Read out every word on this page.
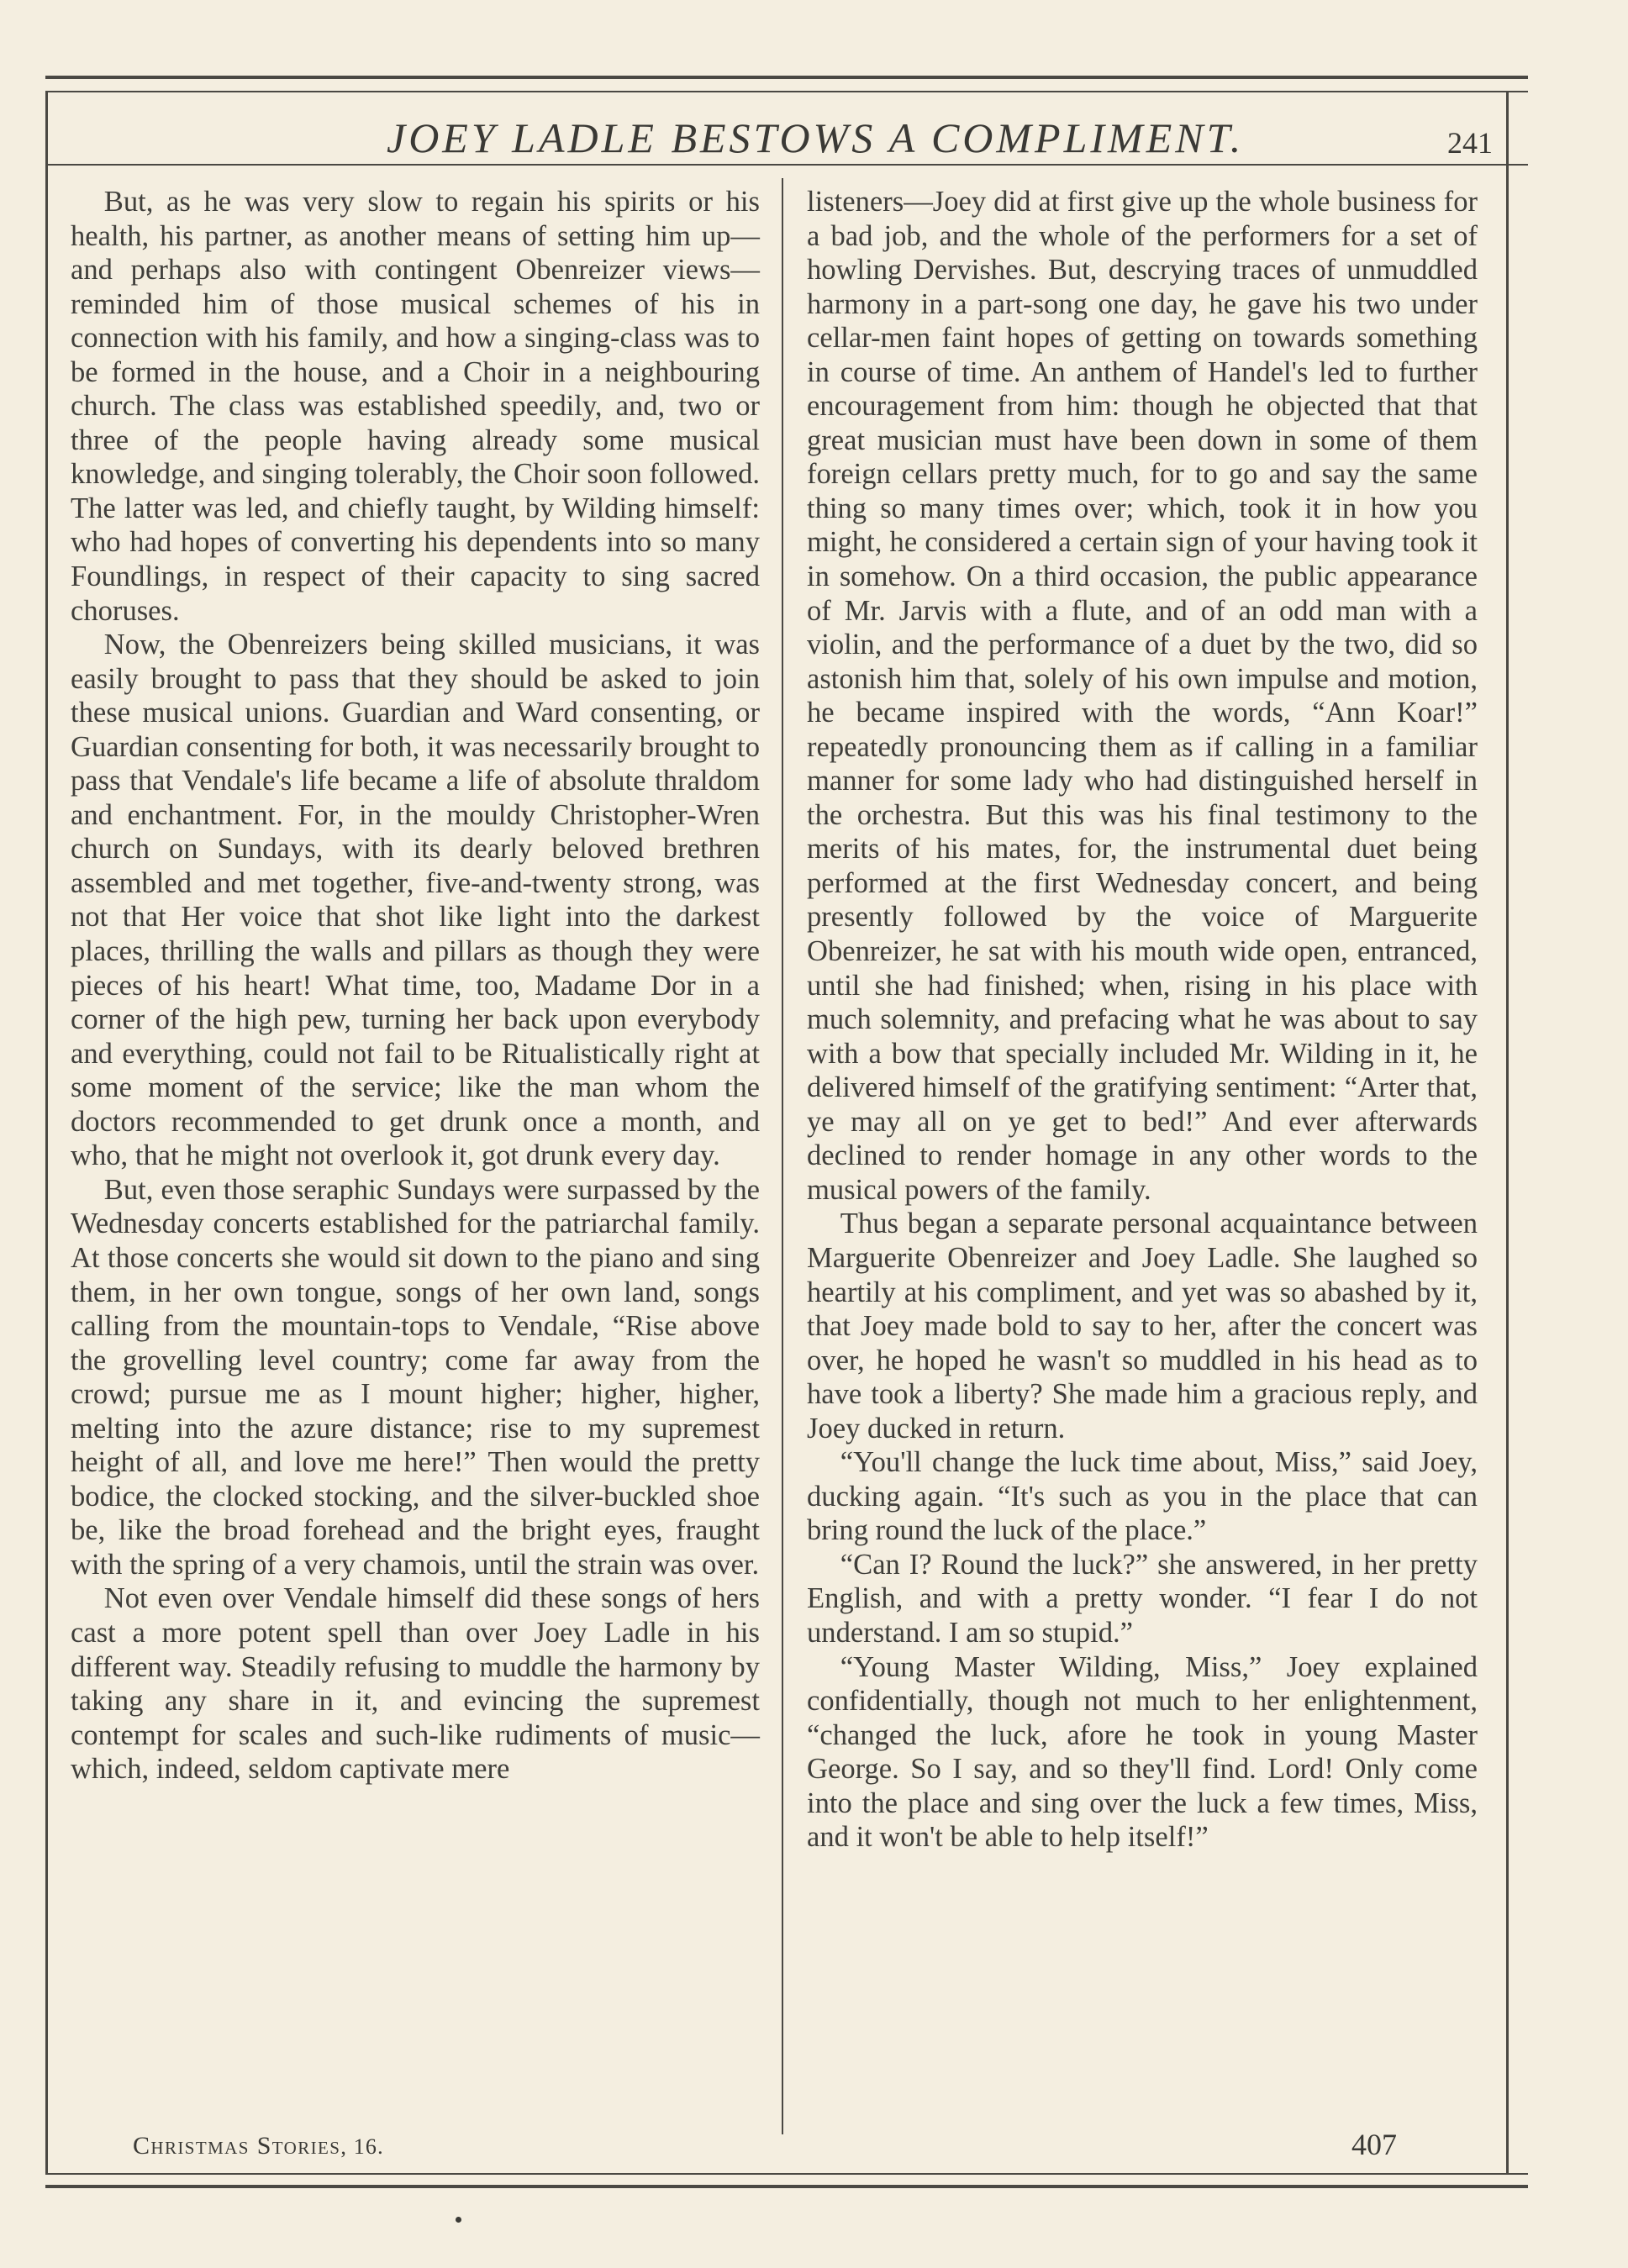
JOEY LADLE BESTOWS A COMPLIMENT.	241

But, as he was very slow to regain his spirits or his health, his partner, as another means of setting him up—and perhaps also with contingent Obenreizer views—reminded him of those musical schemes of his in connection with his family, and how a singing-class was to be formed in the house, and a Choir in a neighbouring church. The class was established speedily, and, two or three of the people having already some musical knowledge, and singing tolerably, the Choir soon followed. The latter was led, and chiefly taught, by Wilding himself: who had hopes of converting his dependents into so many Foundlings, in respect of their capacity to sing sacred choruses.

Now, the Obenreizers being skilled musicians, it was easily brought to pass that they should be asked to join these musical unions. Guardian and Ward consenting, or Guardian consenting for both, it was necessarily brought to pass that Vendale's life became a life of absolute thraldom and enchantment. For, in the mouldy Christopher-Wren church on Sundays, with its dearly beloved brethren assembled and met together, five-and-twenty strong, was not that Her voice that shot like light into the darkest places, thrilling the walls and pillars as though they were pieces of his heart! What time, too, Madame Dor in a corner of the high pew, turning her back upon everybody and everything, could not fail to be Ritualistically right at some moment of the service; like the man whom the doctors recommended to get drunk once a month, and who, that he might not overlook it, got drunk every day.

But, even those seraphic Sundays were surpassed by the Wednesday concerts established for the patriarchal family. At those concerts she would sit down to the piano and sing them, in her own tongue, songs of her own land, songs calling from the mountain-tops to Vendale, “Rise above the grovelling level country; come far away from the crowd; pursue me as I mount higher; higher, higher, melting into the azure distance; rise to my supremest height of all, and love me here!” Then would the pretty bodice, the clocked stocking, and the silver-buckled shoe be, like the broad forehead and the bright eyes, fraught with the spring of a very chamois, until the strain was over.

Not even over Vendale himself did these songs of hers cast a more potent spell than over Joey Ladle in his different way. Steadily refusing to muddle the harmony by taking any share in it, and evincing the supremest contempt for scales and such-like rudiments of music—which, indeed, seldom captivate mere

listeners—Joey did at first give up the whole business for a bad job, and the whole of the performers for a set of howling Dervishes. But, descrying traces of unmuddled harmony in a part-song one day, he gave his two under cellar-men faint hopes of getting on towards something in course of time. An anthem of Handel's led to further encouragement from him: though he objected that that great musician must have been down in some of them foreign cellars pretty much, for to go and say the same thing so many times over; which, took it in how you might, he considered a certain sign of your having took it in somehow. On a third occasion, the public appearance of Mr. Jarvis with a flute, and of an odd man with a violin, and the performance of a duet by the two, did so astonish him that, solely of his own impulse and motion, he became inspired with the words, “Ann Koar!” repeatedly pronouncing them as if calling in a familiar manner for some lady who had distinguished herself in the orchestra. But this was his final testimony to the merits of his mates, for, the instrumental duet being performed at the first Wednesday concert, and being presently followed by the voice of Marguerite Obenreizer, he sat with his mouth wide open, entranced, until she had finished; when, rising in his place with much solemnity, and prefacing what he was about to say with a bow that specially included Mr. Wilding in it, he delivered himself of the gratifying sentiment: “Arter that, ye may all on ye get to bed!” And ever afterwards declined to render homage in any other words to the musical powers of the family.

Thus began a separate personal acquaintance between Marguerite Obenreizer and Joey Ladle. She laughed so heartily at his compliment, and yet was so abashed by it, that Joey made bold to say to her, after the concert was over, he hoped he wasn't so muddled in his head as to have took a liberty? She made him a gracious reply, and Joey ducked in return.

“You'll change the luck time about, Miss,” said Joey, ducking again. “It's such as you in the place that can bring round the luck of the place.”

“Can I? Round the luck?” she answered, in her pretty English, and with a pretty wonder. “I fear I do not understand. I am so stupid.”

“Young Master Wilding, Miss,” Joey explained confidentially, though not much to her enlightenment, “changed the luck, afore he took in young Master George. So I say, and so they'll find. Lord! Only come into the place and sing over the luck a few times, Miss, and it won't be able to help itself!”

Christmas Stories, 16.	407
